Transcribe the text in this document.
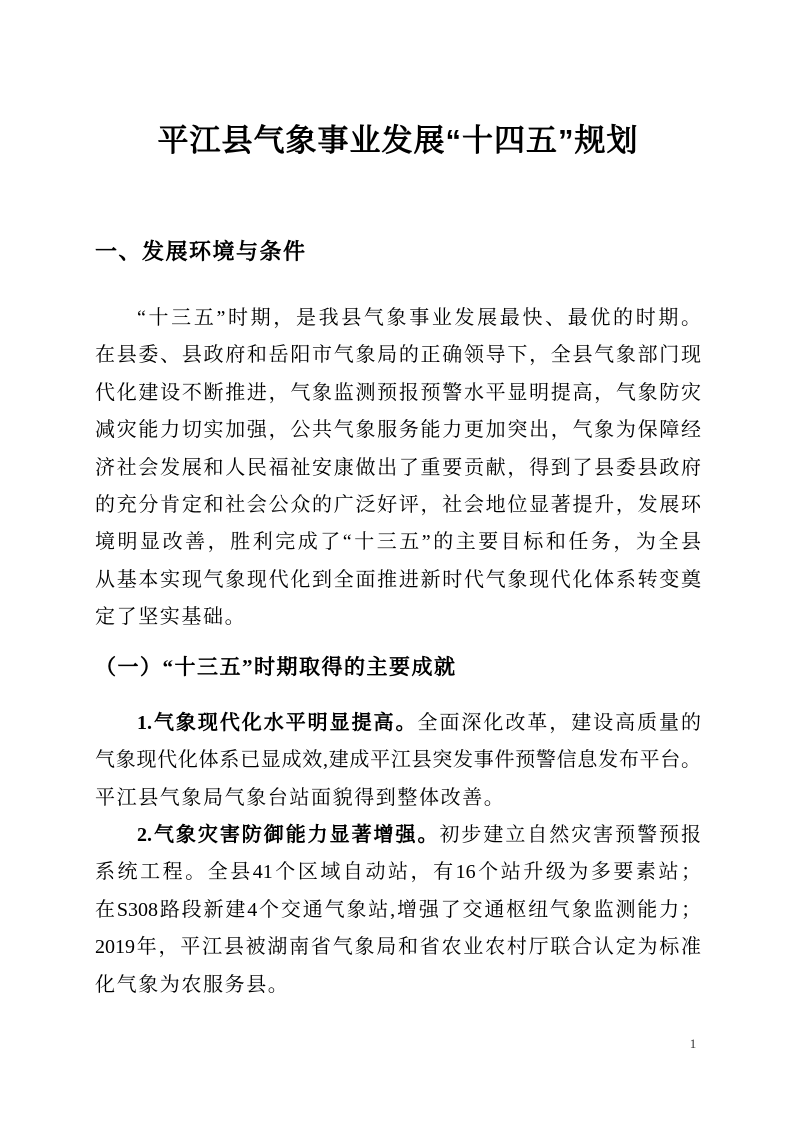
平江县气象事业发展“十四五”规划
一、发展环境与条件
“十三五”时期，是我县气象事业发展最快、最优的时期。
在县委、县政府和岳阳市气象局的正确领导下，全县气象部门现
代化建设不断推进，气象监测预报预警水平显明提高，气象防灾
减灾能力切实加强，公共气象服务能力更加突出，气象为保障经
济社会发展和人民福祉安康做出了重要贡献，得到了县委县政府
的充分肯定和社会公众的广泛好评，社会地位显著提升，发展环
境明显改善，胜利完成了“十三五”的主要目标和任务，为全县
从基本实现气象现代化到全面推进新时代气象现代化体系转变奠
定了坚实基础。
（一）“十三五”时期取得的主要成就
1.气象现代化水平明显提高。全面深化改革，建设高质量的
气象现代化体系已显成效,建成平江县突发事件预警信息发布平台。
平江县气象局气象台站面貌得到整体改善。
2.气象灾害防御能力显著增强。初步建立自然灾害预警预报
系统工程。全县41个区域自动站，有16个站升级为多要素站；
在S308路段新建4个交通气象站,增强了交通枢纽气象监测能力；
2019年，平江县被湖南省气象局和省农业农村厅联合认定为标准
化气象为农服务县。
1
